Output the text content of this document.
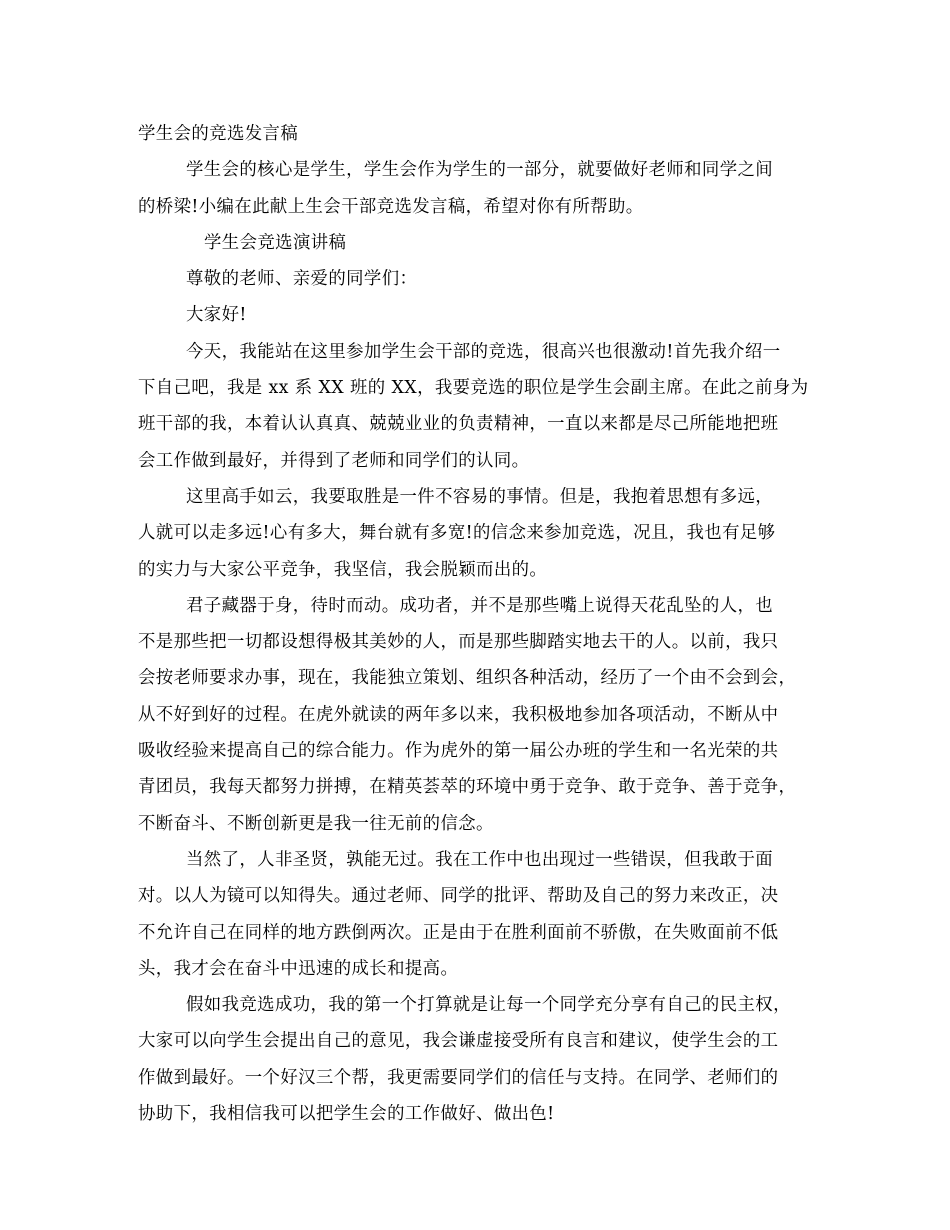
学生会的竞选发言稿
学生会的核心是学生，学生会作为学生的一部分，就要做好老师和同学之间
的桥梁!小编在此献上生会干部竞选发言稿，希望对你有所帮助。
学生会竞选演讲稿
尊敬的老师、亲爱的同学们：
大家好!
今天，我能站在这里参加学生会干部的竞选，很高兴也很激动!首先我介绍一
下自己吧，我是 xx 系 XX 班的 XX，我要竞选的职位是学生会副主席。在此之前身为
班干部的我，本着认认真真、兢兢业业的负责精神，一直以来都是尽己所能地把班
会工作做到最好，并得到了老师和同学们的认同。
这里高手如云，我要取胜是一件不容易的事情。但是，我抱着思想有多远，
人就可以走多远!心有多大，舞台就有多宽!的信念来参加竞选，况且，我也有足够
的实力与大家公平竞争，我坚信，我会脱颖而出的。
君子藏器于身，待时而动。成功者，并不是那些嘴上说得天花乱坠的人，也
不是那些把一切都设想得极其美妙的人，而是那些脚踏实地去干的人。以前，我只
会按老师要求办事，现在，我能独立策划、组织各种活动，经历了一个由不会到会，
从不好到好的过程。在虎外就读的两年多以来，我积极地参加各项活动，不断从中
吸收经验来提高自己的综合能力。作为虎外的第一届公办班的学生和一名光荣的共
青团员，我每天都努力拼搏，在精英荟萃的环境中勇于竞争、敢于竞争、善于竞争，
不断奋斗、不断创新更是我一往无前的信念。
当然了，人非圣贤，孰能无过。我在工作中也出现过一些错误，但我敢于面
对。以人为镜可以知得失。通过老师、同学的批评、帮助及自己的努力来改正，决
不允许自己在同样的地方跌倒两次。正是由于在胜利面前不骄傲，在失败面前不低
头，我才会在奋斗中迅速的成长和提高。
假如我竞选成功，我的第一个打算就是让每一个同学充分享有自己的民主权，
大家可以向学生会提出自己的意见，我会谦虚接受所有良言和建议，使学生会的工
作做到最好。一个好汉三个帮，我更需要同学们的信任与支持。在同学、老师们的
协助下，我相信我可以把学生会的工作做好、做出色!
